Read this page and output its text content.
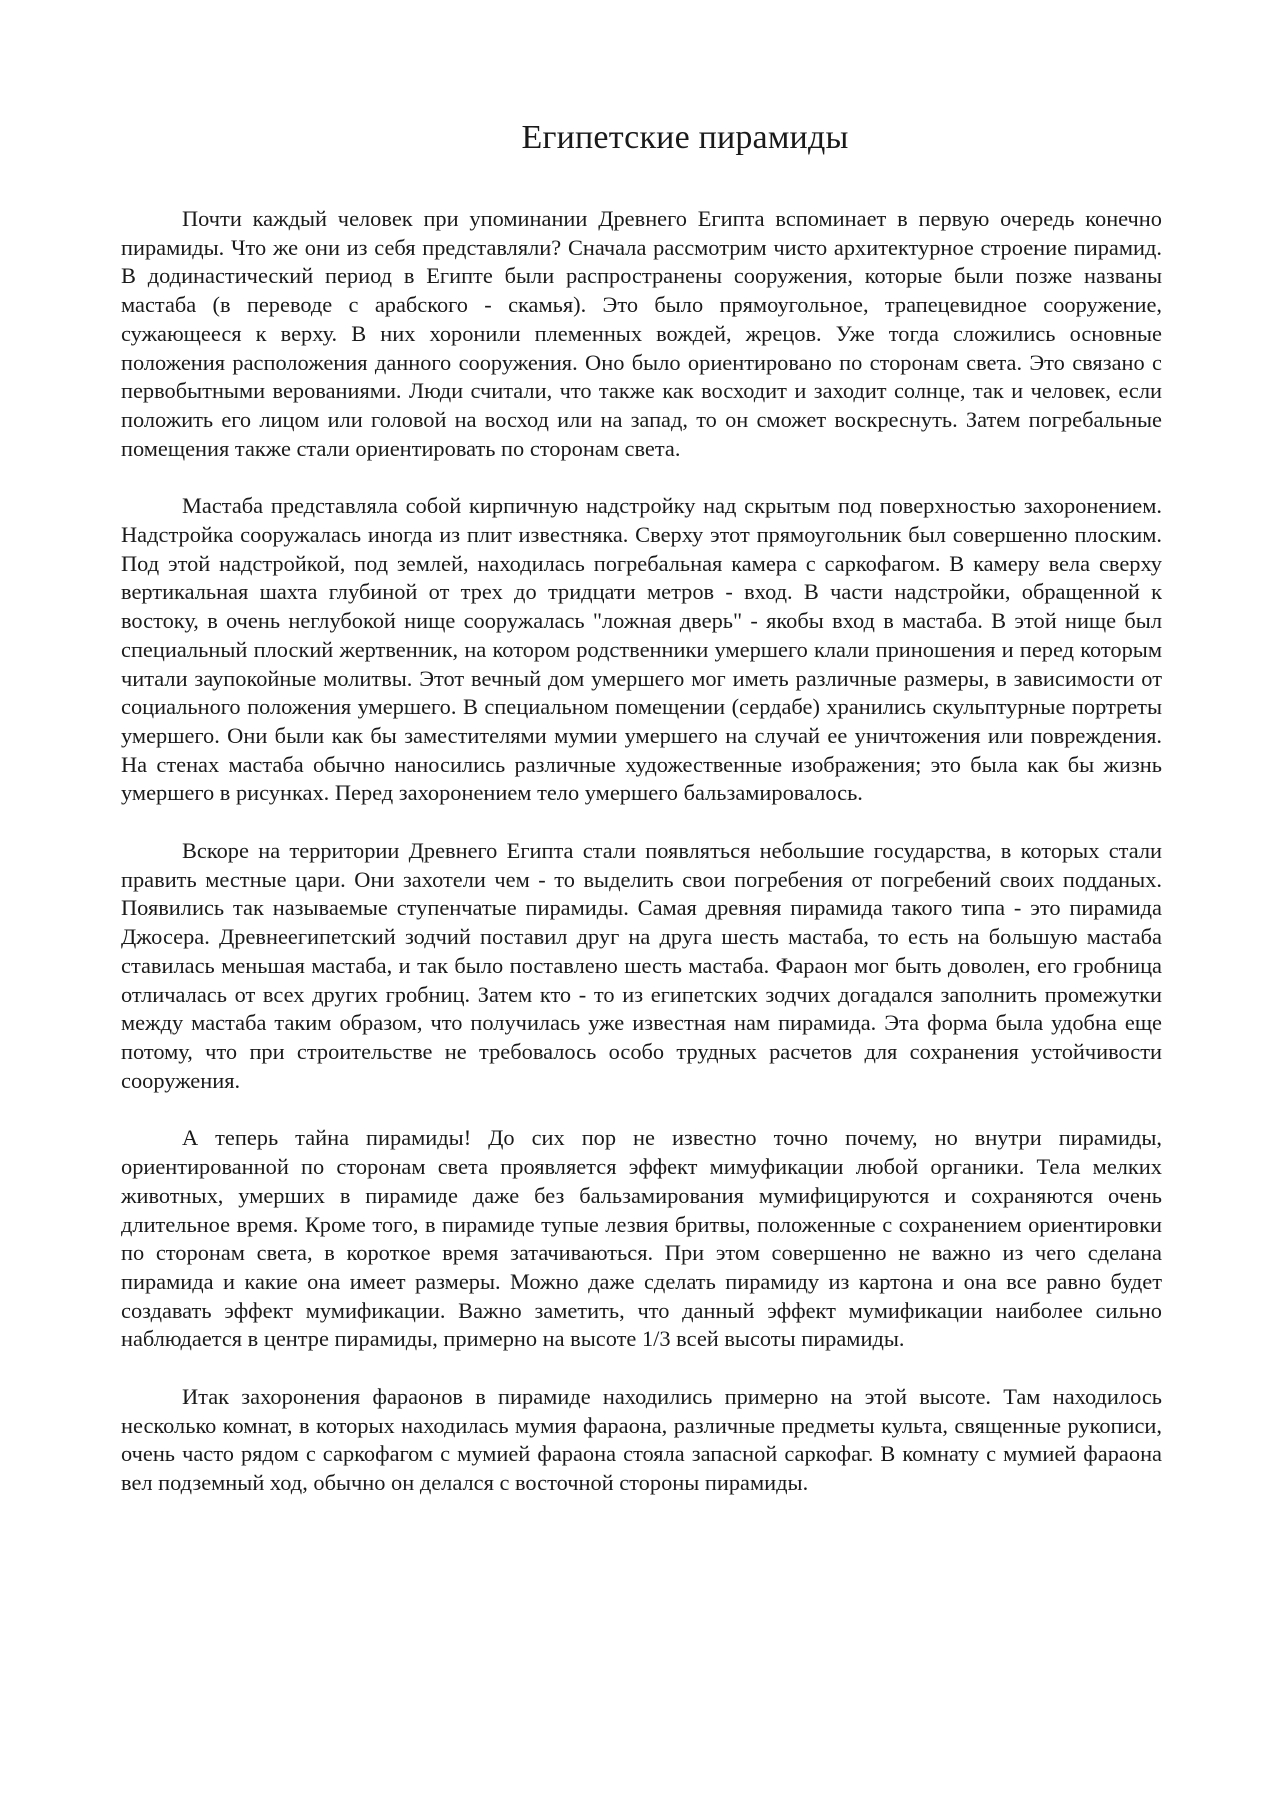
Египетские пирамиды

Почти каждый человек при упоминании Древнего Египта вспоминает в первую очередь конечно пирамиды. Что же они из себя представляли? Сначала рассмотрим чисто архитектурное строение пирамид. В додинастический период в Египте были распространены сооружения, которые были позже названы мастаба (в переводе с арабского - скамья). Это было прямоугольное, трапецевидное сооружение, сужающееся к верху. В них хоронили племенных вождей, жрецов. Уже тогда сложились основные положения расположения данного сооружения. Оно было ориентировано по сторонам света. Это связано с первобытными верованиями. Люди считали, что также как восходит и заходит солнце, так и человек, если положить его лицом или головой на восход или на запад, то он сможет воскреснуть. Затем погребальные помещения также стали ориентировать по сторонам света.

Мастаба представляла собой кирпичную надстройку над скрытым под поверхностью захоронением. Надстройка сооружалась иногда из плит известняка. Сверху этот прямоугольник был совершенно плоским. Под этой надстройкой, под землей, находилась погребальная камера с саркофагом. В камеру вела сверху вертикальная шахта глубиной от трех до тридцати метров - вход. В части надстройки, обращенной к востоку, в очень неглубокой нище сооружалась "ложная дверь" - якобы вход в мастаба. В этой нище был специальный плоский жертвенник, на котором родственники умершего клали приношения и перед которым читали заупокойные молитвы. Этот вечный дом умершего мог иметь различные размеры, в зависимости от социального положения умершего. В специальном помещении (сердабе) хранились скульптурные портреты умершего. Они были как бы заместителями мумии умершего на случай ее уничтожения или повреждения. На стенах мастаба обычно наносились различные художественные изображения; это была как бы жизнь умершего в рисунках. Перед захоронением тело умершего бальзамировалось.

Вскоре на территории Древнего Египта стали появляться небольшие государства, в которых стали править местные цари. Они захотели чем - то выделить свои погребения от погребений своих подданых. Появились так называемые ступенчатые пирамиды. Самая древняя пирамида такого типа - это пирамида Джосера. Древнеегипетский зодчий поставил друг на друга шесть мастаба, то есть на большую мастаба ставилась меньшая мастаба, и так было поставлено шесть мастаба. Фараон мог быть доволен, его гробница отличалась от всех других гробниц. Затем кто - то из египетских зодчих догадался заполнить промежутки между мастаба таким образом, что получилась уже известная нам пирамида. Эта форма была удобна еще потому, что при строительстве не требовалось особо трудных расчетов для сохранения устойчивости сооружения.

А теперь тайна пирамиды! До сих пор не известно точно почему, но внутри пирамиды, ориентированной по сторонам света проявляется эффект мимуфикации любой органики. Тела мелких животных, умерших в пирамиде даже без бальзамирования мумифицируются и сохраняются очень длительное время. Кроме того, в пирамиде тупые лезвия бритвы, положенные с сохранением ориентировки по сторонам света, в короткое время затачиваються. При этом совершенно не важно из чего сделана пирамида и какие она имеет размеры. Можно даже сделать пирамиду из картона и она все равно будет создавать эффект мумификации. Важно заметить, что данный эффект мумификации наиболее сильно наблюдается в центре пирамиды, примерно на высоте 1/3 всей высоты пирамиды.

Итак захоронения фараонов в пирамиде находились примерно на этой высоте. Там находилось несколько комнат, в которых находилась мумия фараона, различные предметы культа, священные рукописи, очень часто рядом с саркофагом с мумией фараона стояла запасной саркофаг. В комнату с мумией фараона вел подземный ход, обычно он делался с восточной стороны пирамиды.
